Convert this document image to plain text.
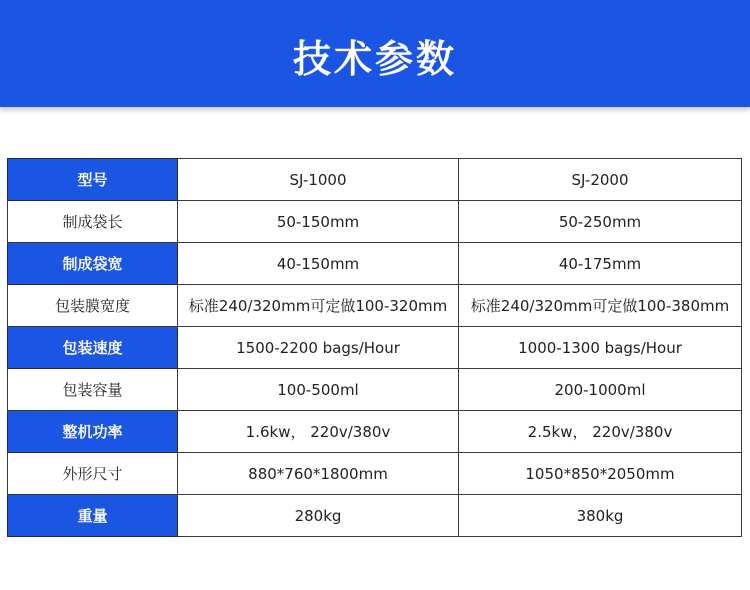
技术参数
型号	SJ-1000	SJ-2000
制成袋长	50-150mm	50-250mm
制成袋宽	40-150mm	40-175mm
包装膜宽度	标准240/320mm可定做100-320mm	标准240/320mm可定做100-380mm
包装速度	1500-2200 bags/Hour	1000-1300 bags/Hour
包装容量	100-500ml	200-1000ml
整机功率	1.6kw， 220v/380v	2.5kw， 220v/380v
外形尺寸	880*760*1800mm	1050*850*2050mm
重量	280kg	380kg
